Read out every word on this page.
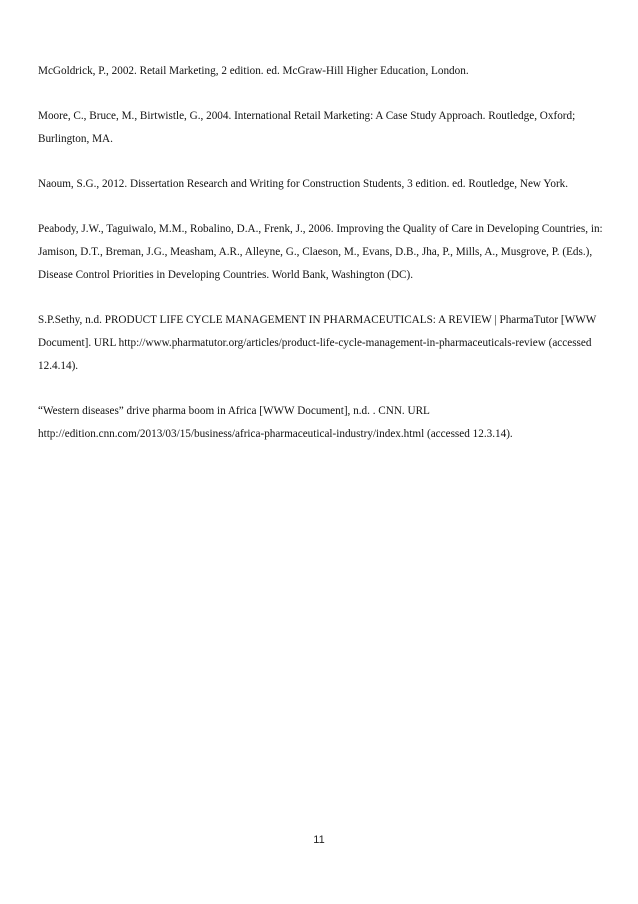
McGoldrick, P., 2002. Retail Marketing, 2 edition. ed. McGraw-Hill Higher Education, London.

Moore, C., Bruce, M., Birtwistle, G., 2004. International Retail Marketing: A Case Study Approach. Routledge, Oxford; Burlington, MA.

Naoum, S.G., 2012. Dissertation Research and Writing for Construction Students, 3 edition. ed. Routledge, New York.

Peabody, J.W., Taguiwalo, M.M., Robalino, D.A., Frenk, J., 2006. Improving the Quality of Care in Developing Countries, in: Jamison, D.T., Breman, J.G., Measham, A.R., Alleyne, G., Claeson, M., Evans, D.B., Jha, P., Mills, A., Musgrove, P. (Eds.), Disease Control Priorities in Developing Countries. World Bank, Washington (DC).

S.P.Sethy, n.d. PRODUCT LIFE CYCLE MANAGEMENT IN PHARMACEUTICALS: A REVIEW | PharmaTutor [WWW Document]. URL http://www.pharmatutor.org/articles/product-life-cycle-management-in-pharmaceuticals-review (accessed 12.4.14).

“Western diseases” drive pharma boom in Africa [WWW Document], n.d. . CNN. URL http://edition.cnn.com/2013/03/15/business/africa-pharmaceutical-industry/index.html (accessed 12.3.14).

11
